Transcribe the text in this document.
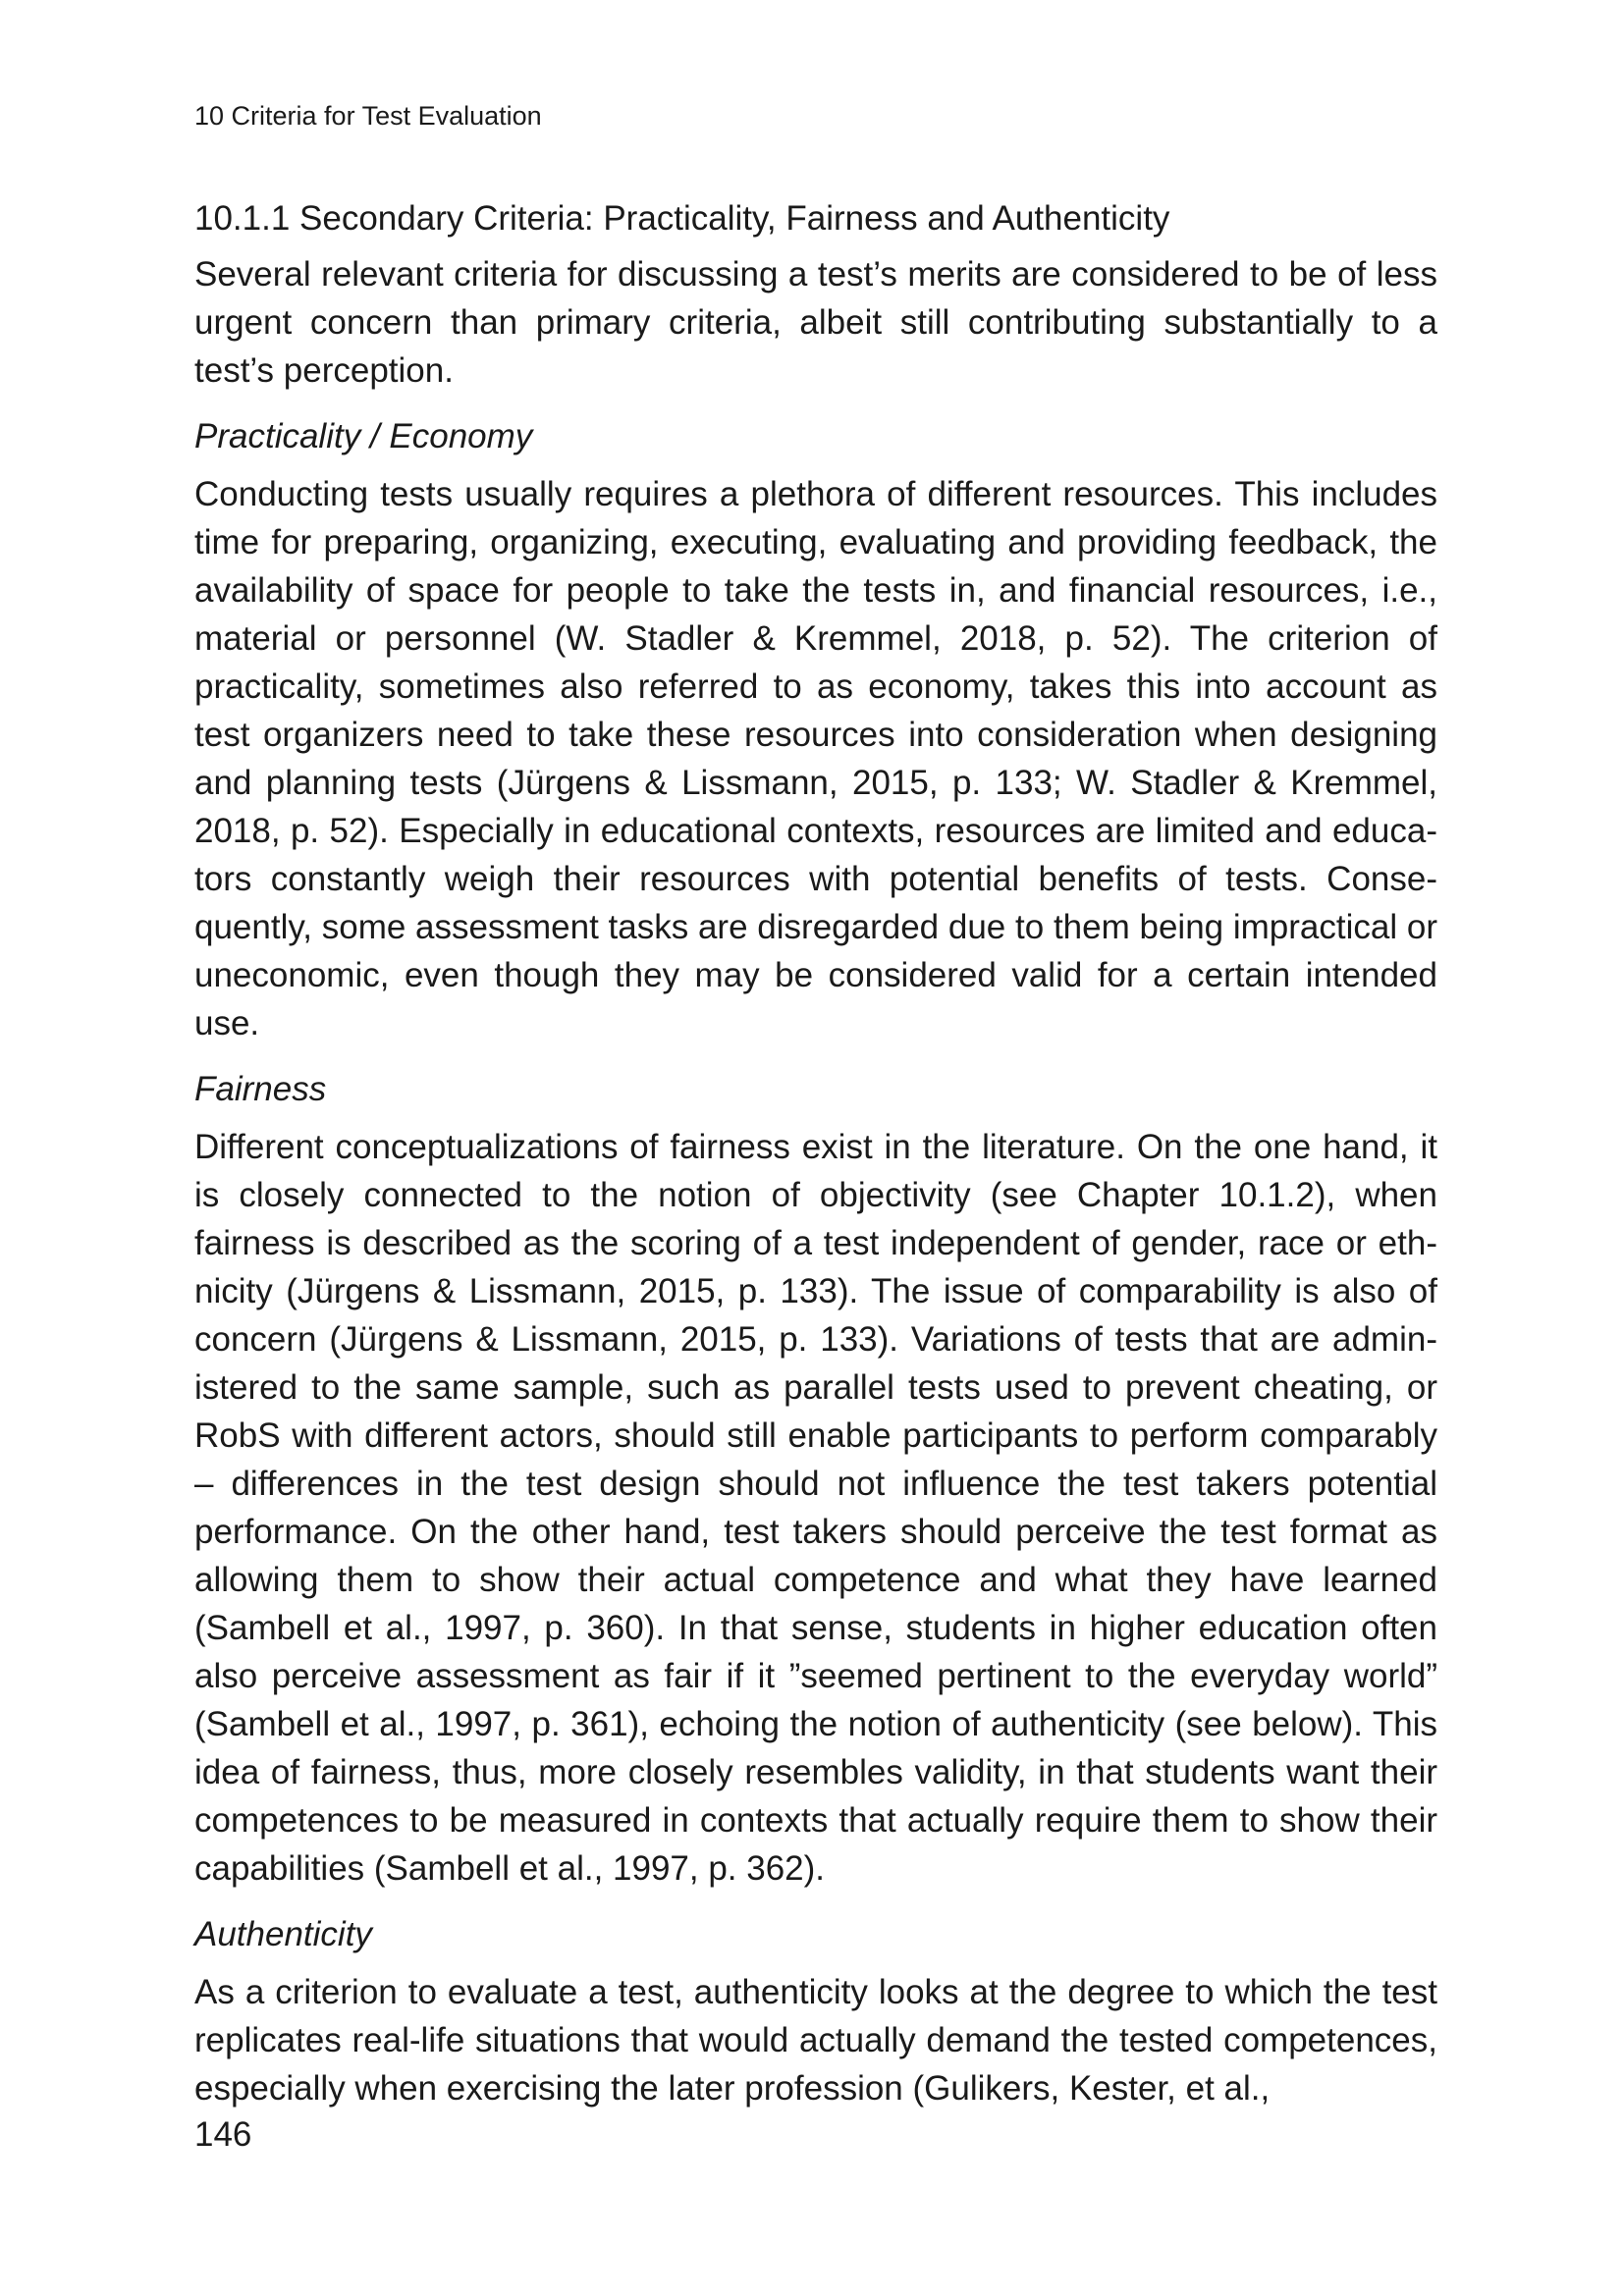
10 Criteria for Test Evaluation
10.1.1 Secondary Criteria: Practicality, Fairness and Authenticity

Several relevant criteria for discussing a test’s merits are considered to be of less urgent concern than primary criteria, albeit still contributing substantially to a test’s perception.

Practicality / Economy

Conducting tests usually requires a plethora of different resources. This includes time for preparing, organizing, executing, evaluating and providing feedback, the availability of space for people to take the tests in, and financial resources, i.e., material or personnel (W. Stadler & Kremmel, 2018, p. 52). The criterion of practicality, sometimes also referred to as economy, takes this into account as test organizers need to take these resources into consideration when designing and planning tests (Jürgens & Lissmann, 2015, p. 133; W. Stadler & Kremmel, 2018, p. 52). Especially in educational contexts, resources are limited and educators constantly weigh their resources with potential benefits of tests. Consequently, some assessment tasks are disregarded due to them being impractical or uneconomic, even though they may be considered valid for a certain intended use.

Fairness

Different conceptualizations of fairness exist in the literature. On the one hand, it is closely connected to the notion of objectivity (see Chapter 10.1.2), when fairness is described as the scoring of a test independent of gender, race or ethnicity (Jürgens & Lissmann, 2015, p. 133). The issue of comparability is also of concern (Jürgens & Lissmann, 2015, p. 133). Variations of tests that are administered to the same sample, such as parallel tests used to prevent cheating, or RobS with different actors, should still enable participants to perform comparably – differences in the test design should not influence the test takers potential performance. On the other hand, test takers should perceive the test format as allowing them to show their actual competence and what they have learned (Sambell et al., 1997, p. 360). In that sense, students in higher education often also perceive assessment as fair if it ”seemed pertinent to the everyday world” (Sambell et al., 1997, p. 361), echoing the notion of authenticity (see below). This idea of fairness, thus, more closely resembles validity, in that students want their competences to be measured in contexts that actually require them to show their capabilities (Sambell et al., 1997, p. 362).

Authenticity

As a criterion to evaluate a test, authenticity looks at the degree to which the test replicates real-life situations that would actually demand the tested competences, especially when exercising the later profession (Gulikers, Kester, et al.,

146
